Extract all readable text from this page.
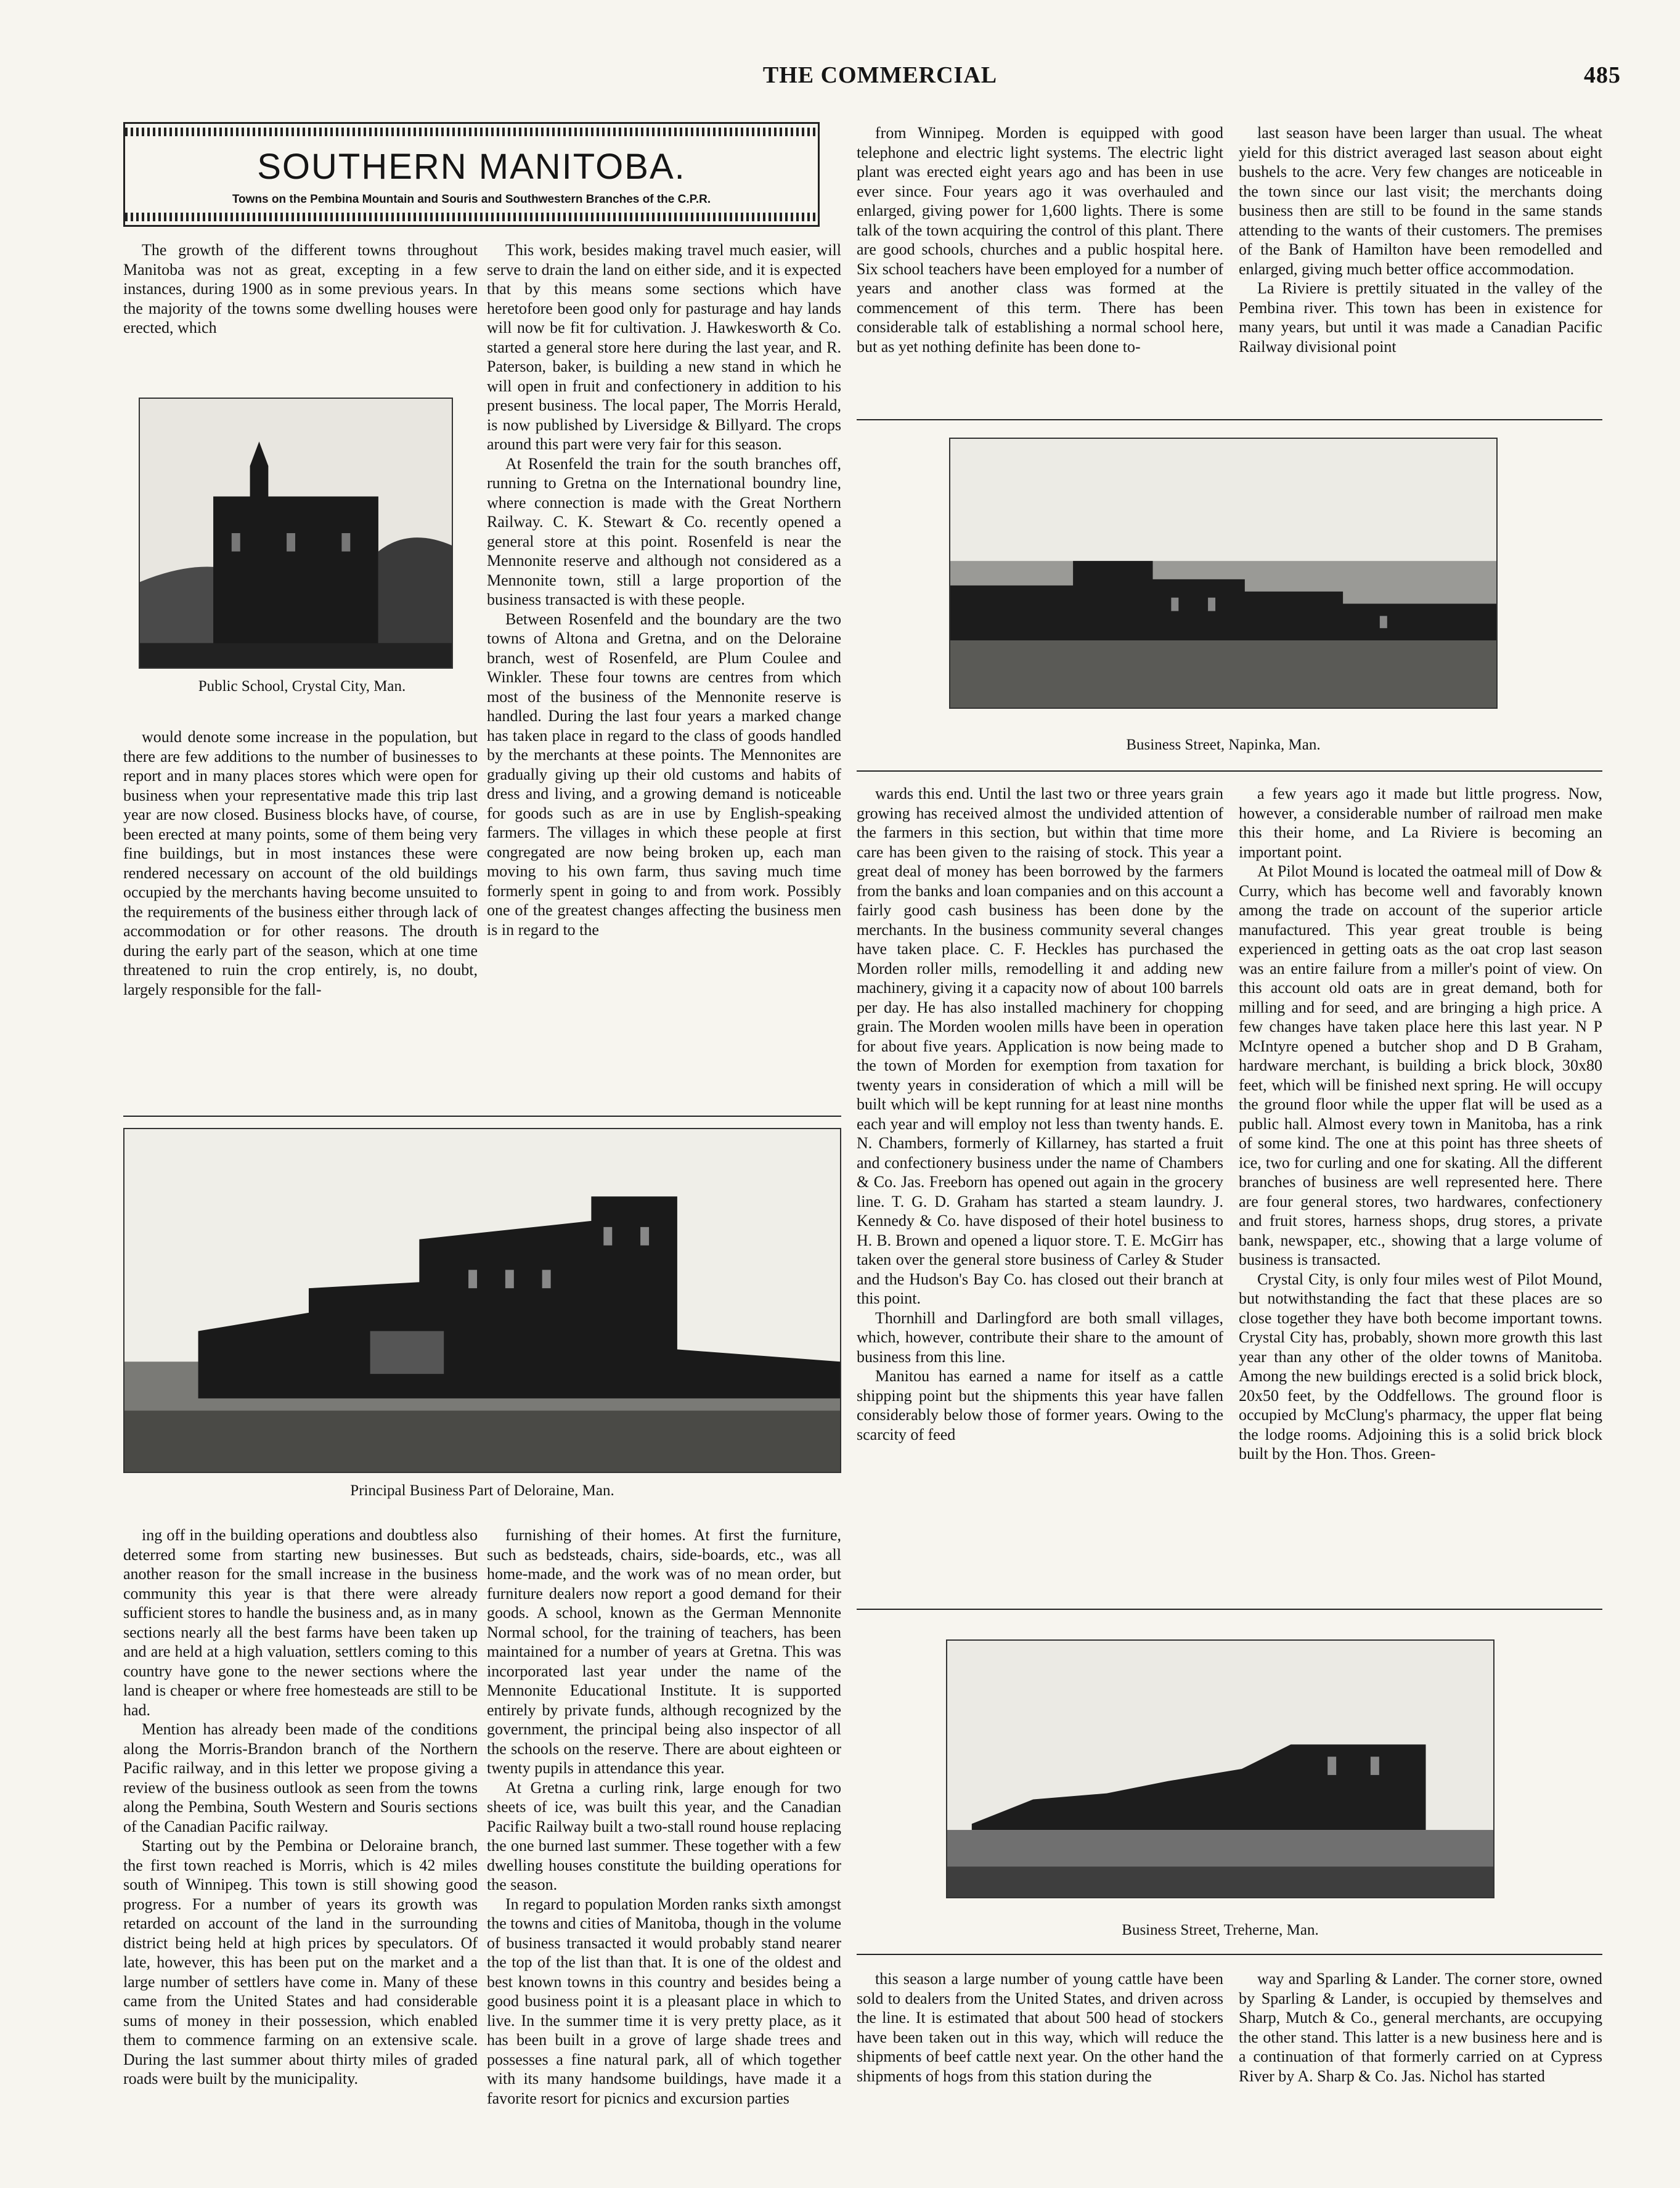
THE COMMERCIAL	485
SOUTHERN MANITOBA.
Towns on the Pembina Mountain and Souris and Southwestern Branches of the C.P.R.

The growth of the different towns throughout Manitoba was not as great, excepting in a few instances, during 1900 as in some previous years. In the majority of the towns some dwelling houses were erected, which

Public School, Crystal City, Man.

would denote some increase in the population, but there are few additions to the number of businesses to report and in many places stores which were open for business when your representative made this trip last year are now closed. Business blocks have, of course, been erected at many points, some of them being very fine buildings, but in most instances these were rendered necessary on account of the old buildings occupied by the merchants having become unsuited to the requirements of the business either through lack of accommodation or for other reasons. The drouth during the early part of the season, which at one time threatened to ruin the crop entirely, is, no doubt, largely responsible for the fall-

This work, besides making travel much easier, will serve to drain the land on either side, and it is expected that by this means some sections which have heretofore been good only for pasturage and hay lands will now be fit for cultivation. J. Hawkesworth & Co. started a general store here during the last year, and R. Paterson, baker, is building a new stand in which he will open in fruit and confectionery in addition to his present business. The local paper, The Morris Herald, is now published by Liversidge & Billyard. The crops around this part were very fair for this season.

At Rosenfeld the train for the south branches off, running to Gretna on the International boundry line, where connection is made with the Great Northern Railway. C. K. Stewart & Co. recently opened a general store at this point. Rosenfeld is near the Mennonite reserve and although not considered as a Mennonite town, still a large proportion of the business transacted is with these people.

Between Rosenfeld and the boundary are the two towns of Altona and Gretna, and on the Deloraine branch, west of Rosenfeld, are Plum Coulee and Winkler. These four towns are centres from which most of the business of the Mennonite reserve is handled. During the last four years a marked change has taken place in regard to the class of goods handled by the merchants at these points. The Mennonites are gradually giving up their old customs and habits of dress and living, and a growing demand is noticeable for goods such as are in use by English-speaking farmers. The villages in which these people at first congregated are now being broken up, each man moving to his own farm, thus saving much time formerly spent in going to and from work. Possibly one of the greatest changes affecting the business men is in regard to the

from Winnipeg. Morden is equipped with good telephone and electric light systems. The electric light plant was erected eight years ago and has been in use ever since. Four years ago it was overhauled and enlarged, giving power for 1,600 lights. There is some talk of the town acquiring the control of this plant. There are good schools, churches and a public hospital here. Six school teachers have been employed for a number of years and another class was formed at the commencement of this term. There has been considerable talk of establishing a normal school here, but as yet nothing definite has been done to-

last season have been larger than usual. The wheat yield for this district averaged last season about eight bushels to the acre. Very few changes are noticeable in the town since our last visit; the merchants doing business then are still to be found in the same stands attending to the wants of their customers. The premises of the Bank of Hamilton have been remodelled and enlarged, giving much better office accommodation.

La Riviere is prettily situated in the valley of the Pembina river. This town has been in existence for many years, but until it was made a Canadian Pacific Railway divisional point

Business Street, Napinka, Man.

wards this end. Until the last two or three years grain growing has received almost the undivided attention of the farmers in this section, but within that time more care has been given to the raising of stock. This year a great deal of money has been borrowed by the farmers from the banks and loan companies and on this account a fairly good cash business has been done by the merchants. In the business community several changes have taken place. C. F. Heckles has purchased the Morden roller mills, remodelling it and adding new machinery, giving it a capacity now of about 100 barrels per day. He has also installed machinery for chopping grain. The Morden woolen mills have been in operation for about five years. Application is now being made to the town of Morden for exemption from taxation for twenty years in consideration of which a mill will be built which will be kept running for at least nine months each year and will employ not less than twenty hands. E. N. Chambers, formerly of Killarney, has started a fruit and confectionery business under the name of Chambers & Co. Jas. Freeborn has opened out again in the grocery line. T. G. D. Graham has started a steam laundry. J. Kennedy & Co. have disposed of their hotel business to H. B. Brown and opened a liquor store. T. E. McGirr has taken over the general store business of Carley & Studer and the Hudson's Bay Co. has closed out their branch at this point.

Thornhill and Darlingford are both small villages, which, however, contribute their share to the amount of business from this line.

Manitou has earned a name for itself as a cattle shipping point but the shipments this year have fallen considerably below those of former years. Owing to the scarcity of feed

a few years ago it made but little progress. Now, however, a considerable number of railroad men make this their home, and La Riviere is becoming an important point.

At Pilot Mound is located the oatmeal mill of Dow & Curry, which has become well and favorably known among the trade on account of the superior article manufactured. This year great trouble is being experienced in getting oats as the oat crop last season was an entire failure from a miller's point of view. On this account old oats are in great demand, both for milling and for seed, and are bringing a high price. A few changes have taken place here this last year. N P McIntyre opened a butcher shop and D B Graham, hardware merchant, is building a brick block, 30x80 feet, which will be finished next spring. He will occupy the ground floor while the upper flat will be used as a public hall. Almost every town in Manitoba, has a rink of some kind. The one at this point has three sheets of ice, two for curling and one for skating. All the different branches of business are well represented here. There are four general stores, two hardwares, confectionery and fruit stores, harness shops, drug stores, a private bank, newspaper, etc., showing that a large volume of business is transacted.

Crystal City, is only four miles west of Pilot Mound, but notwithstanding the fact that these places are so close together they have both become important towns. Crystal City has, probably, shown more growth this last year than any other of the older towns of Manitoba. Among the new buildings erected is a solid brick block, 20x50 feet, by the Oddfellows. The ground floor is occupied by McClung's pharmacy, the upper flat being the lodge rooms. Adjoining this is a solid brick block built by the Hon. Thos. Green-

Principal Business Part of Deloraine, Man.

ing off in the building operations and doubtless also deterred some from starting new businesses. But another reason for the small increase in the business community this year is that there were already sufficient stores to handle the business and, as in many sections nearly all the best farms have been taken up and are held at a high valuation, settlers coming to this country have gone to the newer sections where the land is cheaper or where free homesteads are still to be had.

Mention has already been made of the conditions along the Morris-Brandon branch of the Northern Pacific railway, and in this letter we propose giving a review of the business outlook as seen from the towns along the Pembina, South Western and Souris sections of the Canadian Pacific railway.

Starting out by the Pembina or Deloraine branch, the first town reached is Morris, which is 42 miles south of Winnipeg. This town is still showing good progress. For a number of years its growth was retarded on account of the land in the surrounding district being held at high prices by speculators. Of late, however, this has been put on the market and a large number of settlers have come in. Many of these came from the United States and had considerable sums of money in their possession, which enabled them to commence farming on an extensive scale. During the last summer about thirty miles of graded roads were built by the municipality.

furnishing of their homes. At first the furniture, such as bedsteads, chairs, side-boards, etc., was all home-made, and the work was of no mean order, but furniture dealers now report a good demand for their goods. A school, known as the German Mennonite Normal school, for the training of teachers, has been maintained for a number of years at Gretna. This was incorporated last year under the name of the Mennonite Educational Institute. It is supported entirely by private funds, although recognized by the government, the principal being also inspector of all the schools on the reserve. There are about eighteen or twenty pupils in attendance this year.

At Gretna a curling rink, large enough for two sheets of ice, was built this year, and the Canadian Pacific Railway built a two-stall round house replacing the one burned last summer. These together with a few dwelling houses constitute the building operations for the season.

In regard to population Morden ranks sixth amongst the towns and cities of Manitoba, though in the volume of business transacted it would probably stand nearer the top of the list than that. It is one of the oldest and best known towns in this country and besides being a good business point it is a pleasant place in which to live. In the summer time it is very pretty place, as it has been built in a grove of large shade trees and possesses a fine natural park, all of which together with its many handsome buildings, have made it a favorite resort for picnics and excursion parties

Business Street, Treherne, Man.

this season a large number of young cattle have been sold to dealers from the United States, and driven across the line. It is estimated that about 500 head of stockers have been taken out in this way, which will reduce the shipments of beef cattle next year. On the other hand the shipments of hogs from this station during the

way and Sparling & Lander. The corner store, owned by Sparling & Lander, is occupied by themselves and Sharp, Mutch & Co., general merchants, are occupying the other stand. This latter is a new business here and is a continuation of that formerly carried on at Cypress River by A. Sharp & Co. Jas. Nichol has started
